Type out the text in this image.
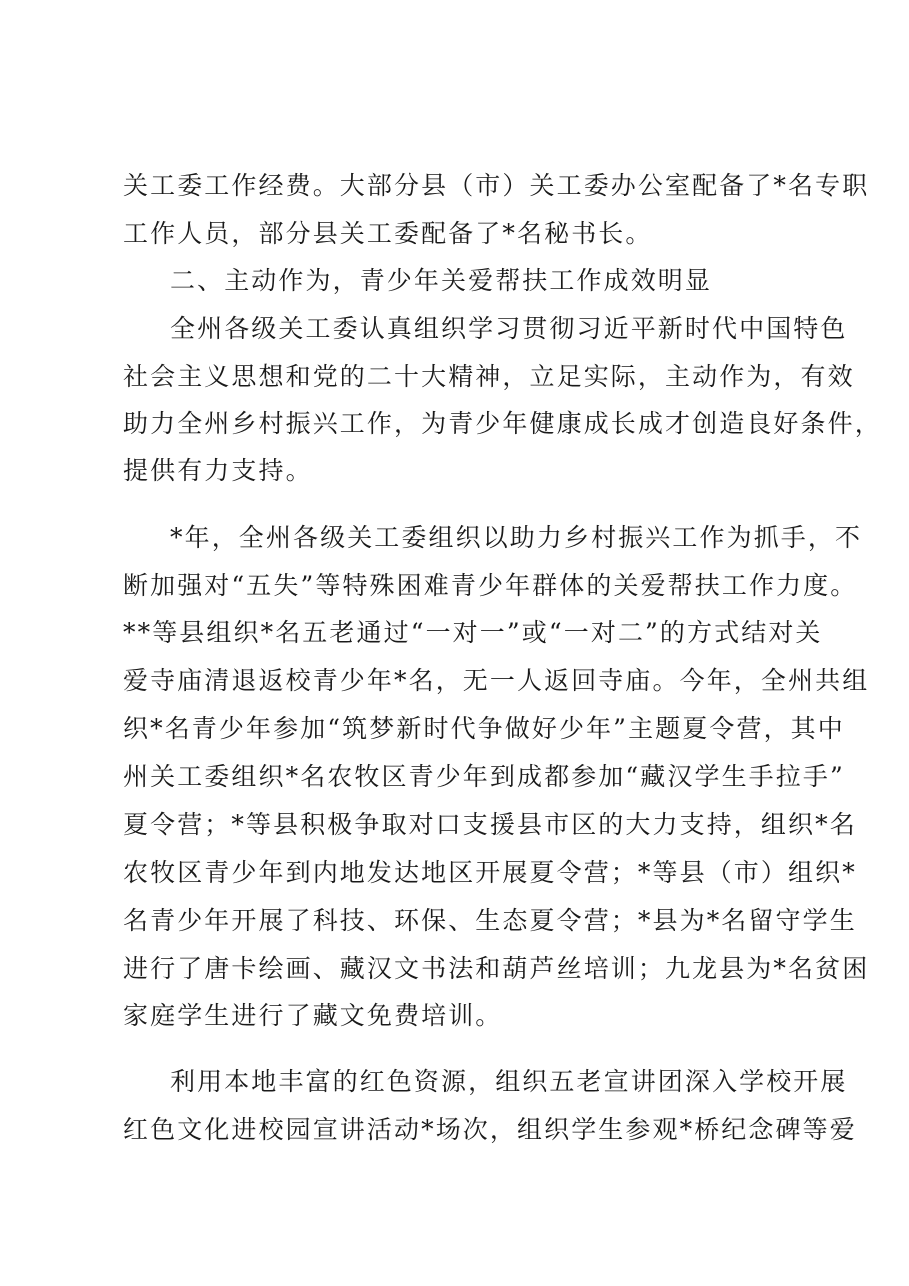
关工委工作经费。大部分县（市）关工委办公室配备了*名专职
工作人员，部分县关工委配备了*名秘书长。
二、主动作为，青少年关爱帮扶工作成效明显
全州各级关工委认真组织学习贯彻习近平新时代中国特色
社会主义思想和党的二十大精神，立足实际，主动作为，有效
助力全州乡村振兴工作，为青少年健康成长成才创造良好条件，
提供有力支持。
*年，全州各级关工委组织以助力乡村振兴工作为抓手，不
断加强对“五失”等特殊困难青少年群体的关爱帮扶工作力度。
**等县组织*名五老通过“一对一”或“一对二”的方式结对关
爱寺庙清退返校青少年*名，无一人返回寺庙。今年，全州共组
织*名青少年参加“筑梦新时代争做好少年”主题夏令营，其中
州关工委组织*名农牧区青少年到成都参加“藏汉学生手拉手”
夏令营；*等县积极争取对口支援县市区的大力支持，组织*名
农牧区青少年到内地发达地区开展夏令营；*等县（市）组织*
名青少年开展了科技、环保、生态夏令营；*县为*名留守学生
进行了唐卡绘画、藏汉文书法和葫芦丝培训；九龙县为*名贫困
家庭学生进行了藏文免费培训。
利用本地丰富的红色资源，组织五老宣讲团深入学校开展
红色文化进校园宣讲活动*场次，组织学生参观*桥纪念碑等爱
